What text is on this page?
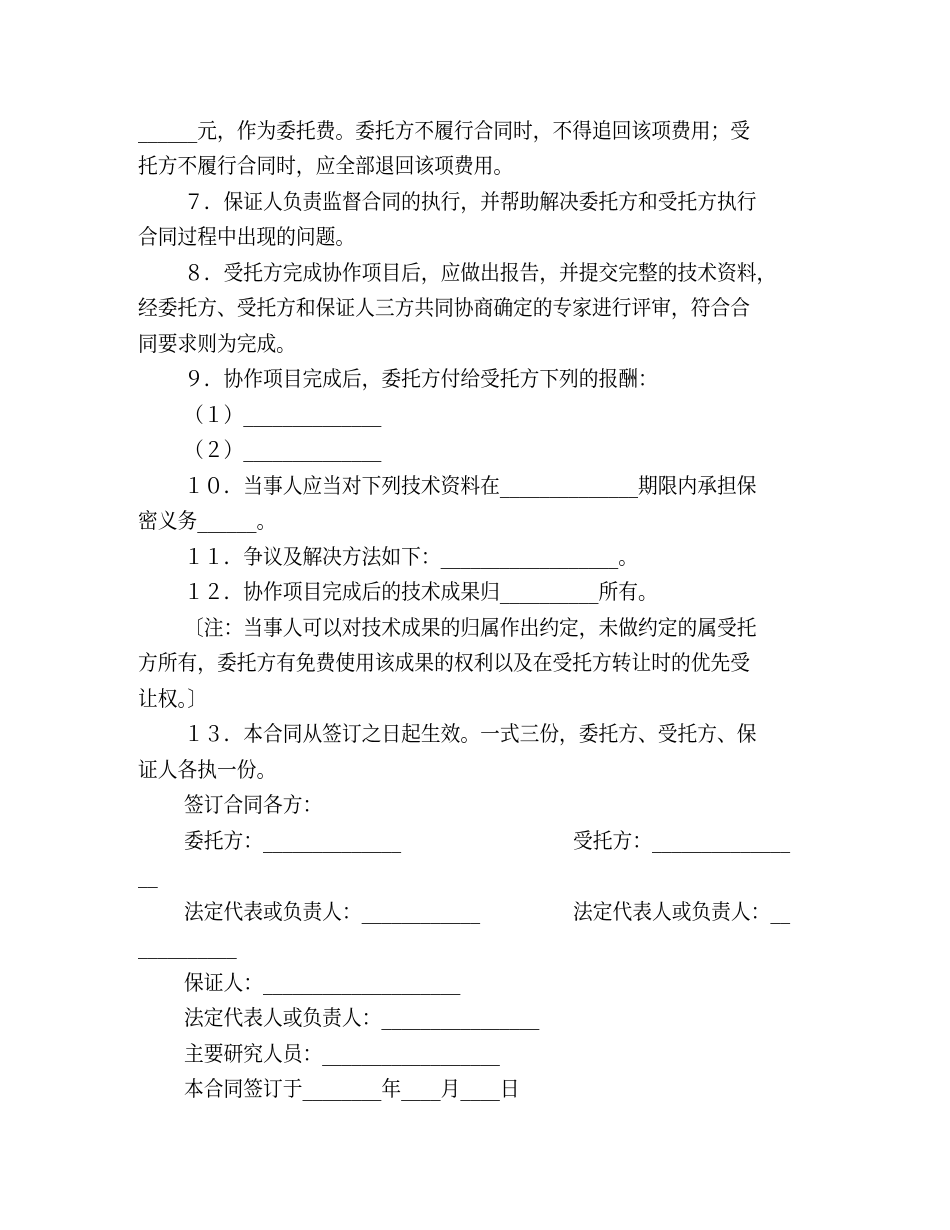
______元，作为委托费。委托方不履行合同时，不得追回该项费用；受
托方不履行合同时，应全部退回该项费用。
７．保证人负责监督合同的执行，并帮助解决委托方和受托方执行
合同过程中出现的问题。
８．受托方完成协作项目后，应做出报告，并提交完整的技术资料，
经委托方、受托方和保证人三方共同协商确定的专家进行评审，符合合
同要求则为完成。
９．协作项目完成后，委托方付给受托方下列的报酬：
（１）______________
（２）______________
１０．当事人应当对下列技术资料在______________期限内承担保
密义务______。
１１．争议及解决方法如下：__________________。
１２．协作项目完成后的技术成果归__________所有。
〔注：当事人可以对技术成果的归属作出约定，未做约定的属受托
方所有，委托方有免费使用该成果的权利以及在受托方转让时的优先受
让权。〕
１３．本合同从签订之日起生效。一式三份，委托方、受托方、保
证人各执一份。
签订合同各方：
委托方：______________	受托方：______________
__
法定代表或负责人：____________	法定代表人或负责人：__
__________
保证人：____________________
法定代表人或负责人：________________
主要研究人员：__________________
本合同签订于________年____月____日
